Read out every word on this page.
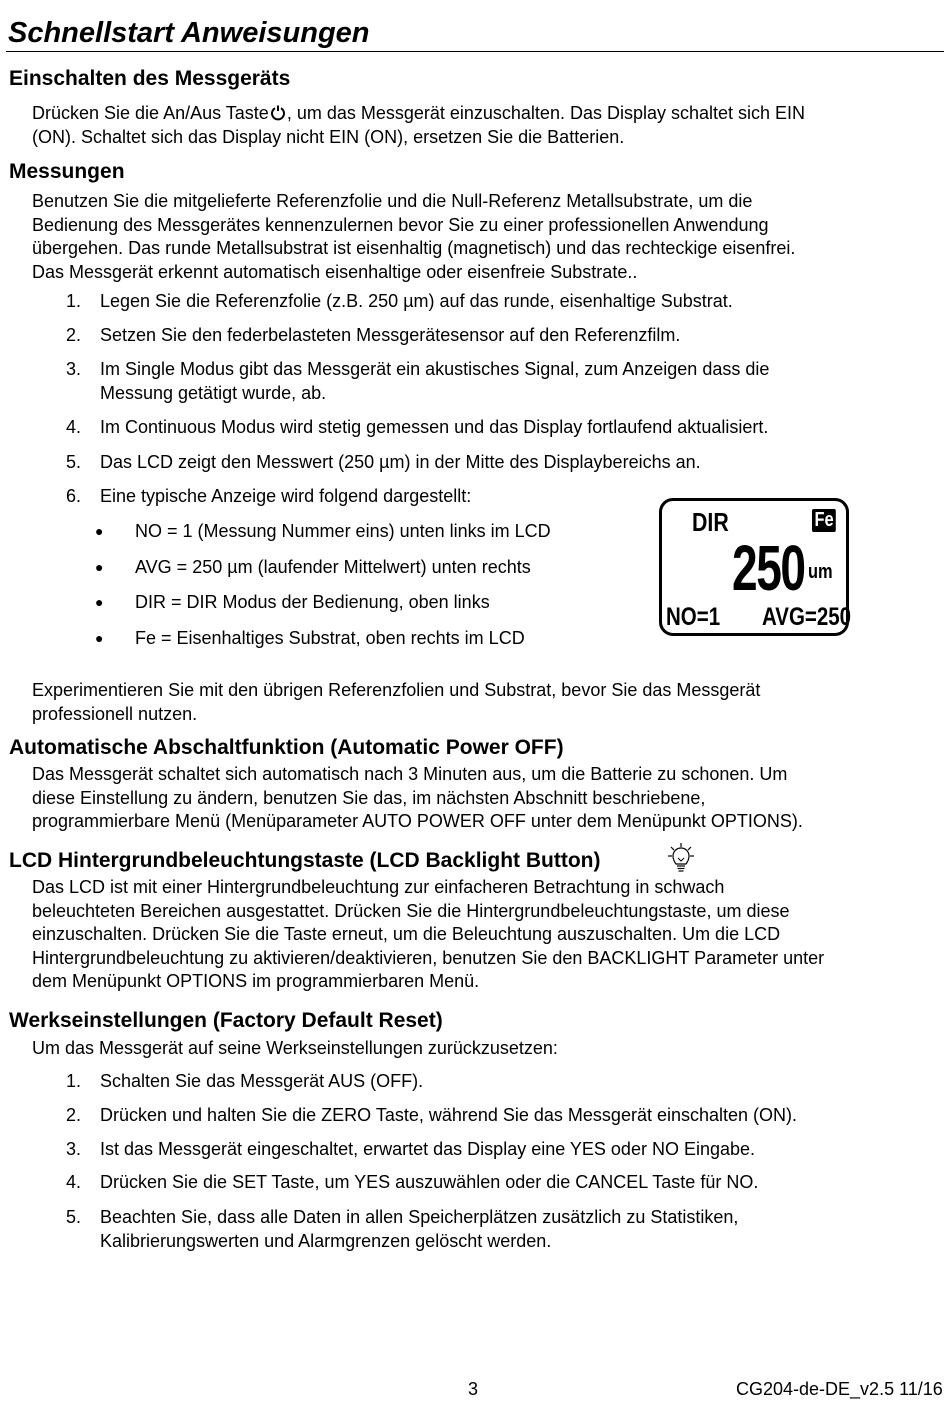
Schnellstart Anweisungen
Einschalten des Messgeräts
Drücken Sie die An/Aus Taste , um das Messgerät einzuschalten. Das Display schaltet sich EIN
(ON). Schaltet sich das Display nicht EIN (ON), ersetzen Sie die Batterien.
Messungen
Benutzen Sie die mitgelieferte Referenzfolie und die Null-Referenz Metallsubstrate, um die
Bedienung des Messgerätes kennenzulernen bevor Sie zu einer professionellen Anwendung
übergehen. Das runde Metallsubstrat ist eisenhaltig (magnetisch) und das rechteckige eisenfrei.
Das Messgerät erkennt automatisch eisenhaltige oder eisenfreie Substrate..
1. Legen Sie die Referenzfolie (z.B. 250 µm) auf das runde, eisenhaltige Substrat.
2. Setzen Sie den federbelasteten Messgerätesensor auf den Referenzfilm.
3. Im Single Modus gibt das Messgerät ein akustisches Signal, zum Anzeigen dass die
Messung getätigt wurde, ab.
4. Im Continuous Modus wird stetig gemessen und das Display fortlaufend aktualisiert.
5. Das LCD zeigt den Messwert (250 µm) in der Mitte des Displaybereichs an.
6. Eine typische Anzeige wird folgend dargestellt:
● NO = 1 (Messung Nummer eins) unten links im LCD
● AVG = 250 µm (laufender Mittelwert) unten rechts
● DIR = DIR Modus der Bedienung, oben links
● Fe = Eisenhaltiges Substrat, oben rechts im LCD
DIR	Fe
250 um
NO=1 AVG=250
Experimentieren Sie mit den übrigen Referenzfolien und Substrat, bevor Sie das Messgerät
professionell nutzen.
Automatische Abschaltfunktion (Automatic Power OFF)
Das Messgerät schaltet sich automatisch nach 3 Minuten aus, um die Batterie zu schonen. Um
diese Einstellung zu ändern, benutzen Sie das, im nächsten Abschnitt beschriebene,
programmierbare Menü (Menüparameter AUTO POWER OFF unter dem Menüpunkt OPTIONS).
LCD Hintergrundbeleuchtungstaste (LCD Backlight Button)
Das LCD ist mit einer Hintergrundbeleuchtung zur einfacheren Betrachtung in schwach
beleuchteten Bereichen ausgestattet. Drücken Sie die Hintergrundbeleuchtungstaste, um diese
einzuschalten. Drücken Sie die Taste erneut, um die Beleuchtung auszuschalten. Um die LCD
Hintergrundbeleuchtung zu aktivieren/deaktivieren, benutzen Sie den BACKLIGHT Parameter unter
dem Menüpunkt OPTIONS im programmierbaren Menü.
Werkseinstellungen (Factory Default Reset)
Um das Messgerät auf seine Werkseinstellungen zurückzusetzen:
1. Schalten Sie das Messgerät AUS (OFF).
2. Drücken und halten Sie die ZERO Taste, während Sie das Messgerät einschalten (ON).
3. Ist das Messgerät eingeschaltet, erwartet das Display eine YES oder NO Eingabe.
4. Drücken Sie die SET Taste, um YES auszuwählen oder die CANCEL Taste für NO.
5. Beachten Sie, dass alle Daten in allen Speicherplätzen zusätzlich zu Statistiken,
Kalibrierungswerten und Alarmgrenzen gelöscht werden.
3	CG204-de-DE_v2.5 11/16
